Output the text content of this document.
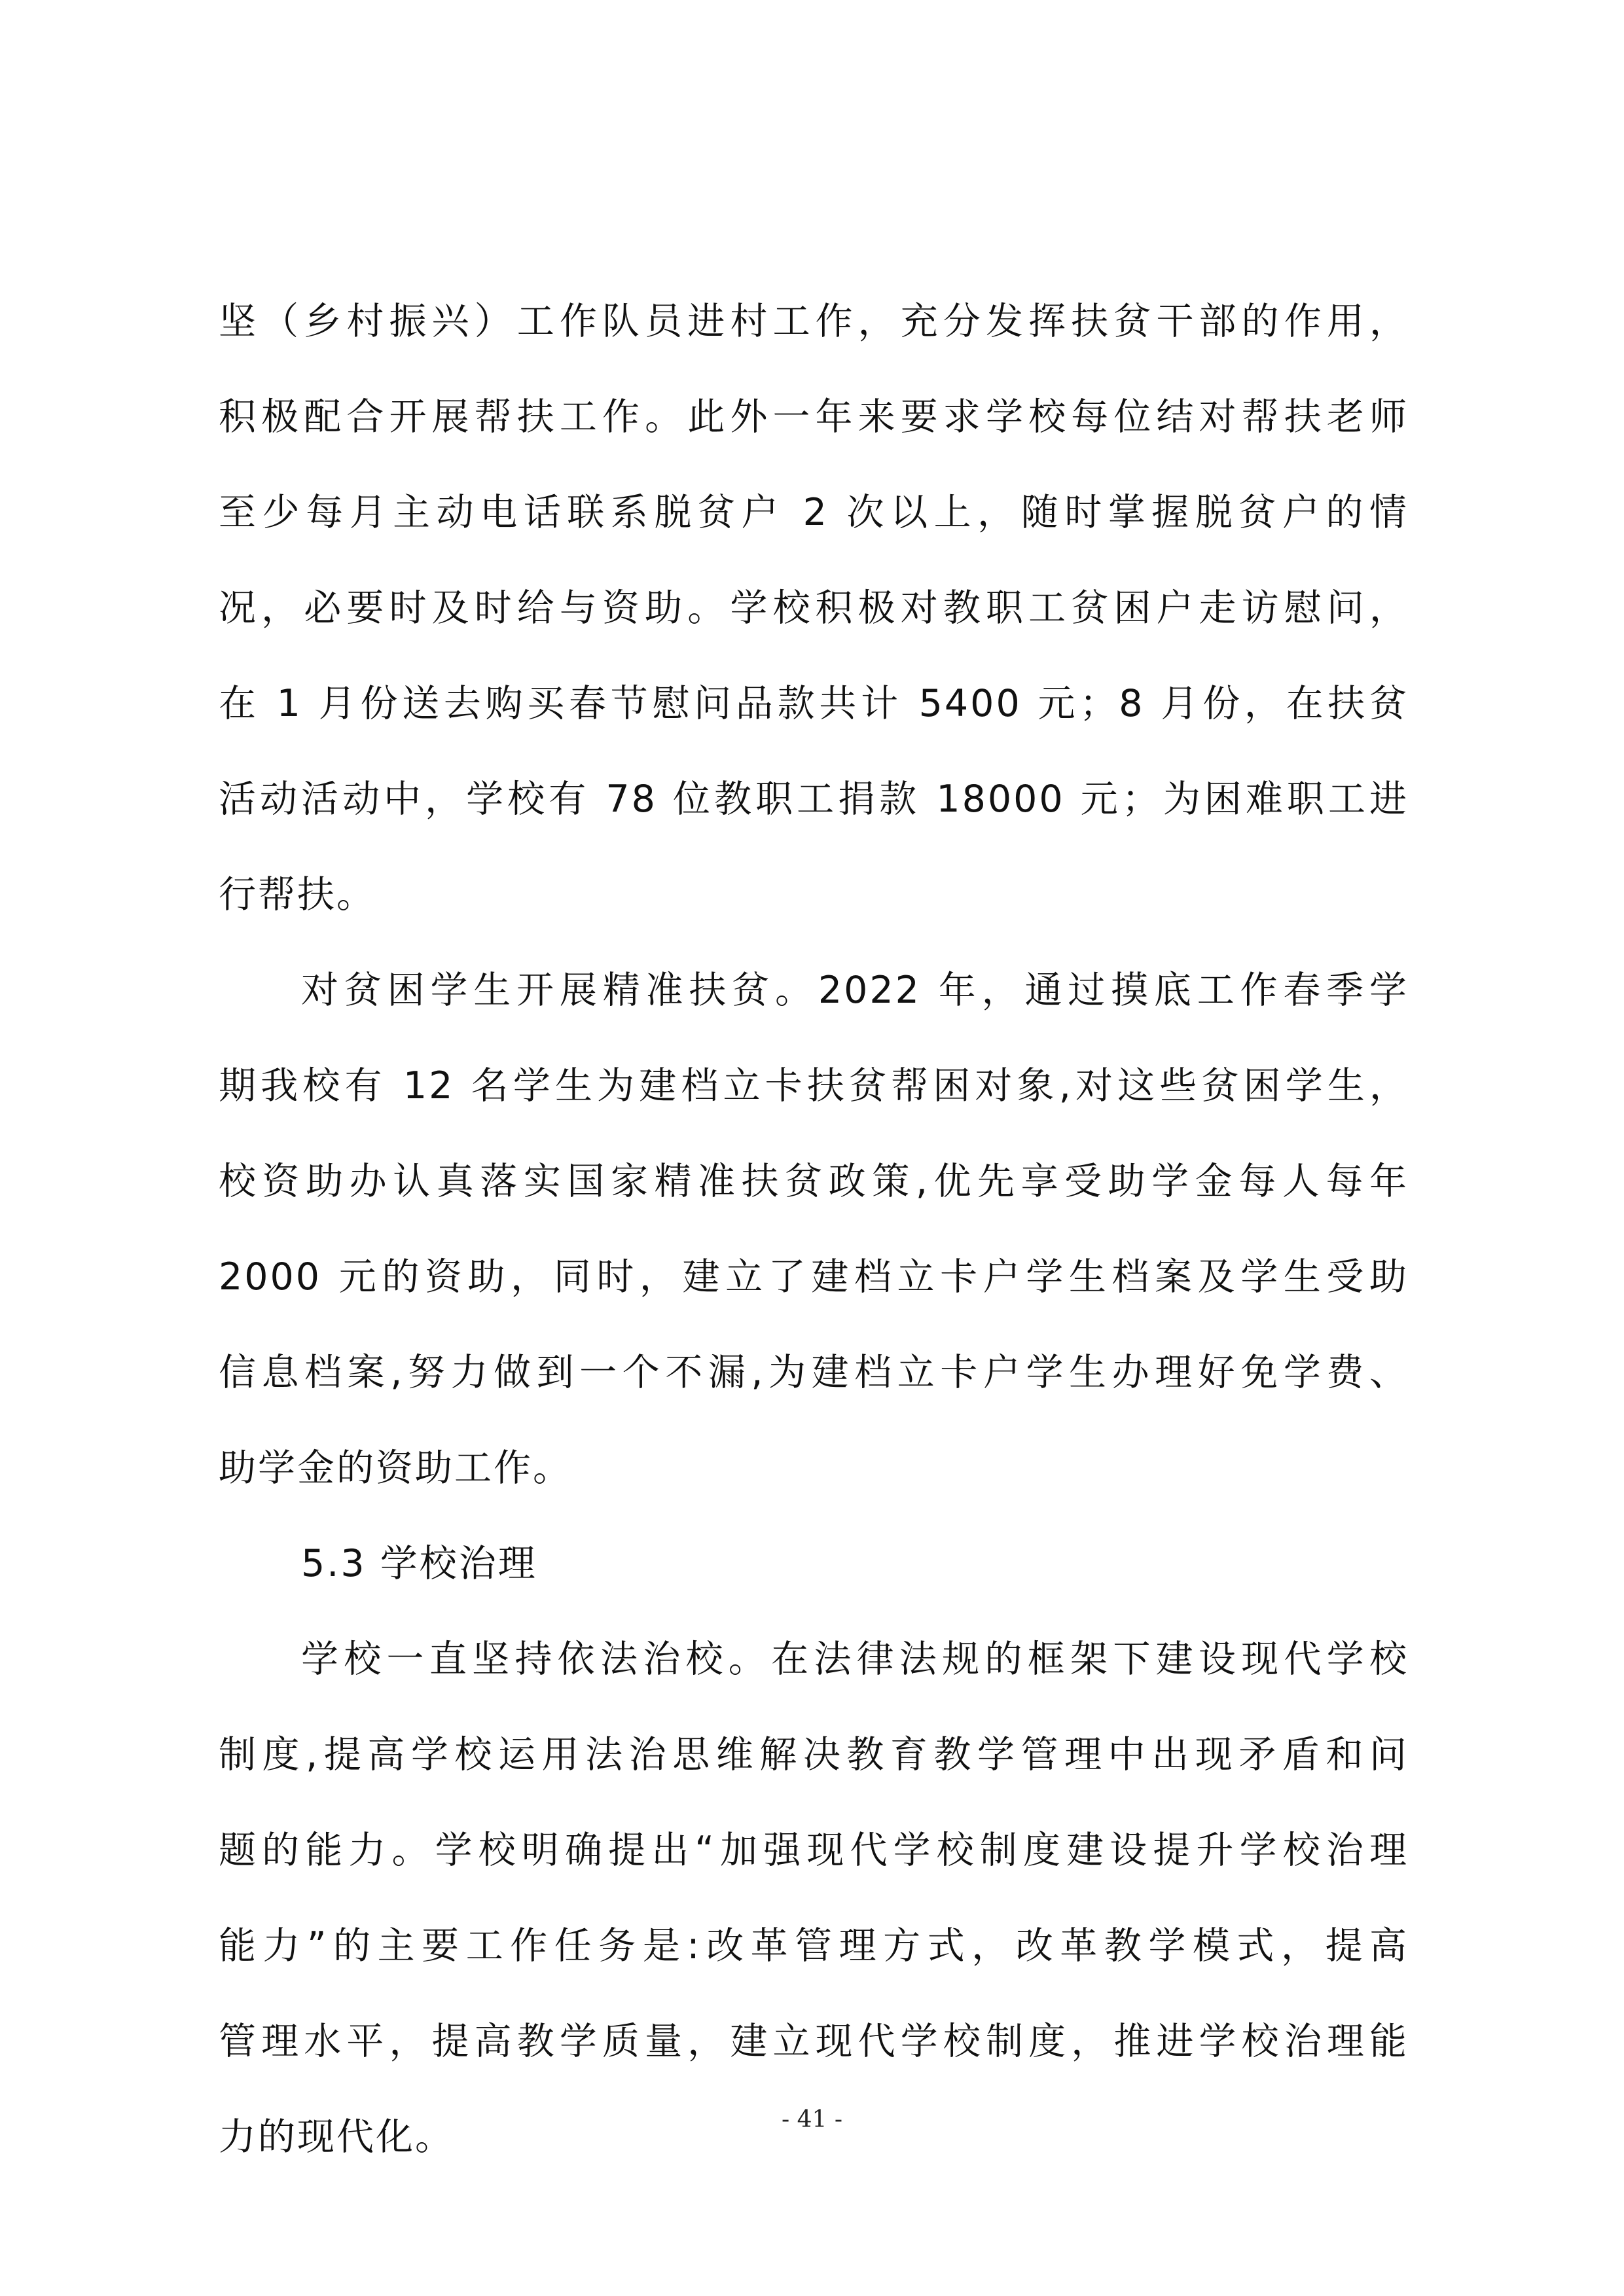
坚（乡村振兴）工作队员进村工作，充分发挥扶贫干部的作用，
积极配合开展帮扶工作。此外一年来要求学校每位结对帮扶老师
至少每月主动电话联系脱贫户 2 次以上，随时掌握脱贫户的情
况，必要时及时给与资助。学校积极对教职工贫困户走访慰问，
在 1 月份送去购买春节慰问品款共计 5400 元；8 月份，在扶贫
活动活动中，学校有 78 位教职工捐款 18000 元；为困难职工进
行帮扶。
对贫困学生开展精准扶贫。2022 年，通过摸底工作春季学
期我校有 12 名学生为建档立卡扶贫帮困对象,对这些贫困学生，
校资助办认真落实国家精准扶贫政策,优先享受助学金每人每年
2000 元的资助，同时，建立了建档立卡户学生档案及学生受助
信息档案,努力做到一个不漏,为建档立卡户学生办理好免学费、
助学金的资助工作。
5.3 学校治理
学校一直坚持依法治校。在法律法规的框架下建设现代学校
制度,提高学校运用法治思维解决教育教学管理中出现矛盾和问
题的能力。学校明确提出“加强现代学校制度建设提升学校治理
能力”的主要工作任务是:改革管理方式，改革教学模式，提高
管理水平，提高教学质量，建立现代学校制度，推进学校治理能
力的现代化。	- 41 -
